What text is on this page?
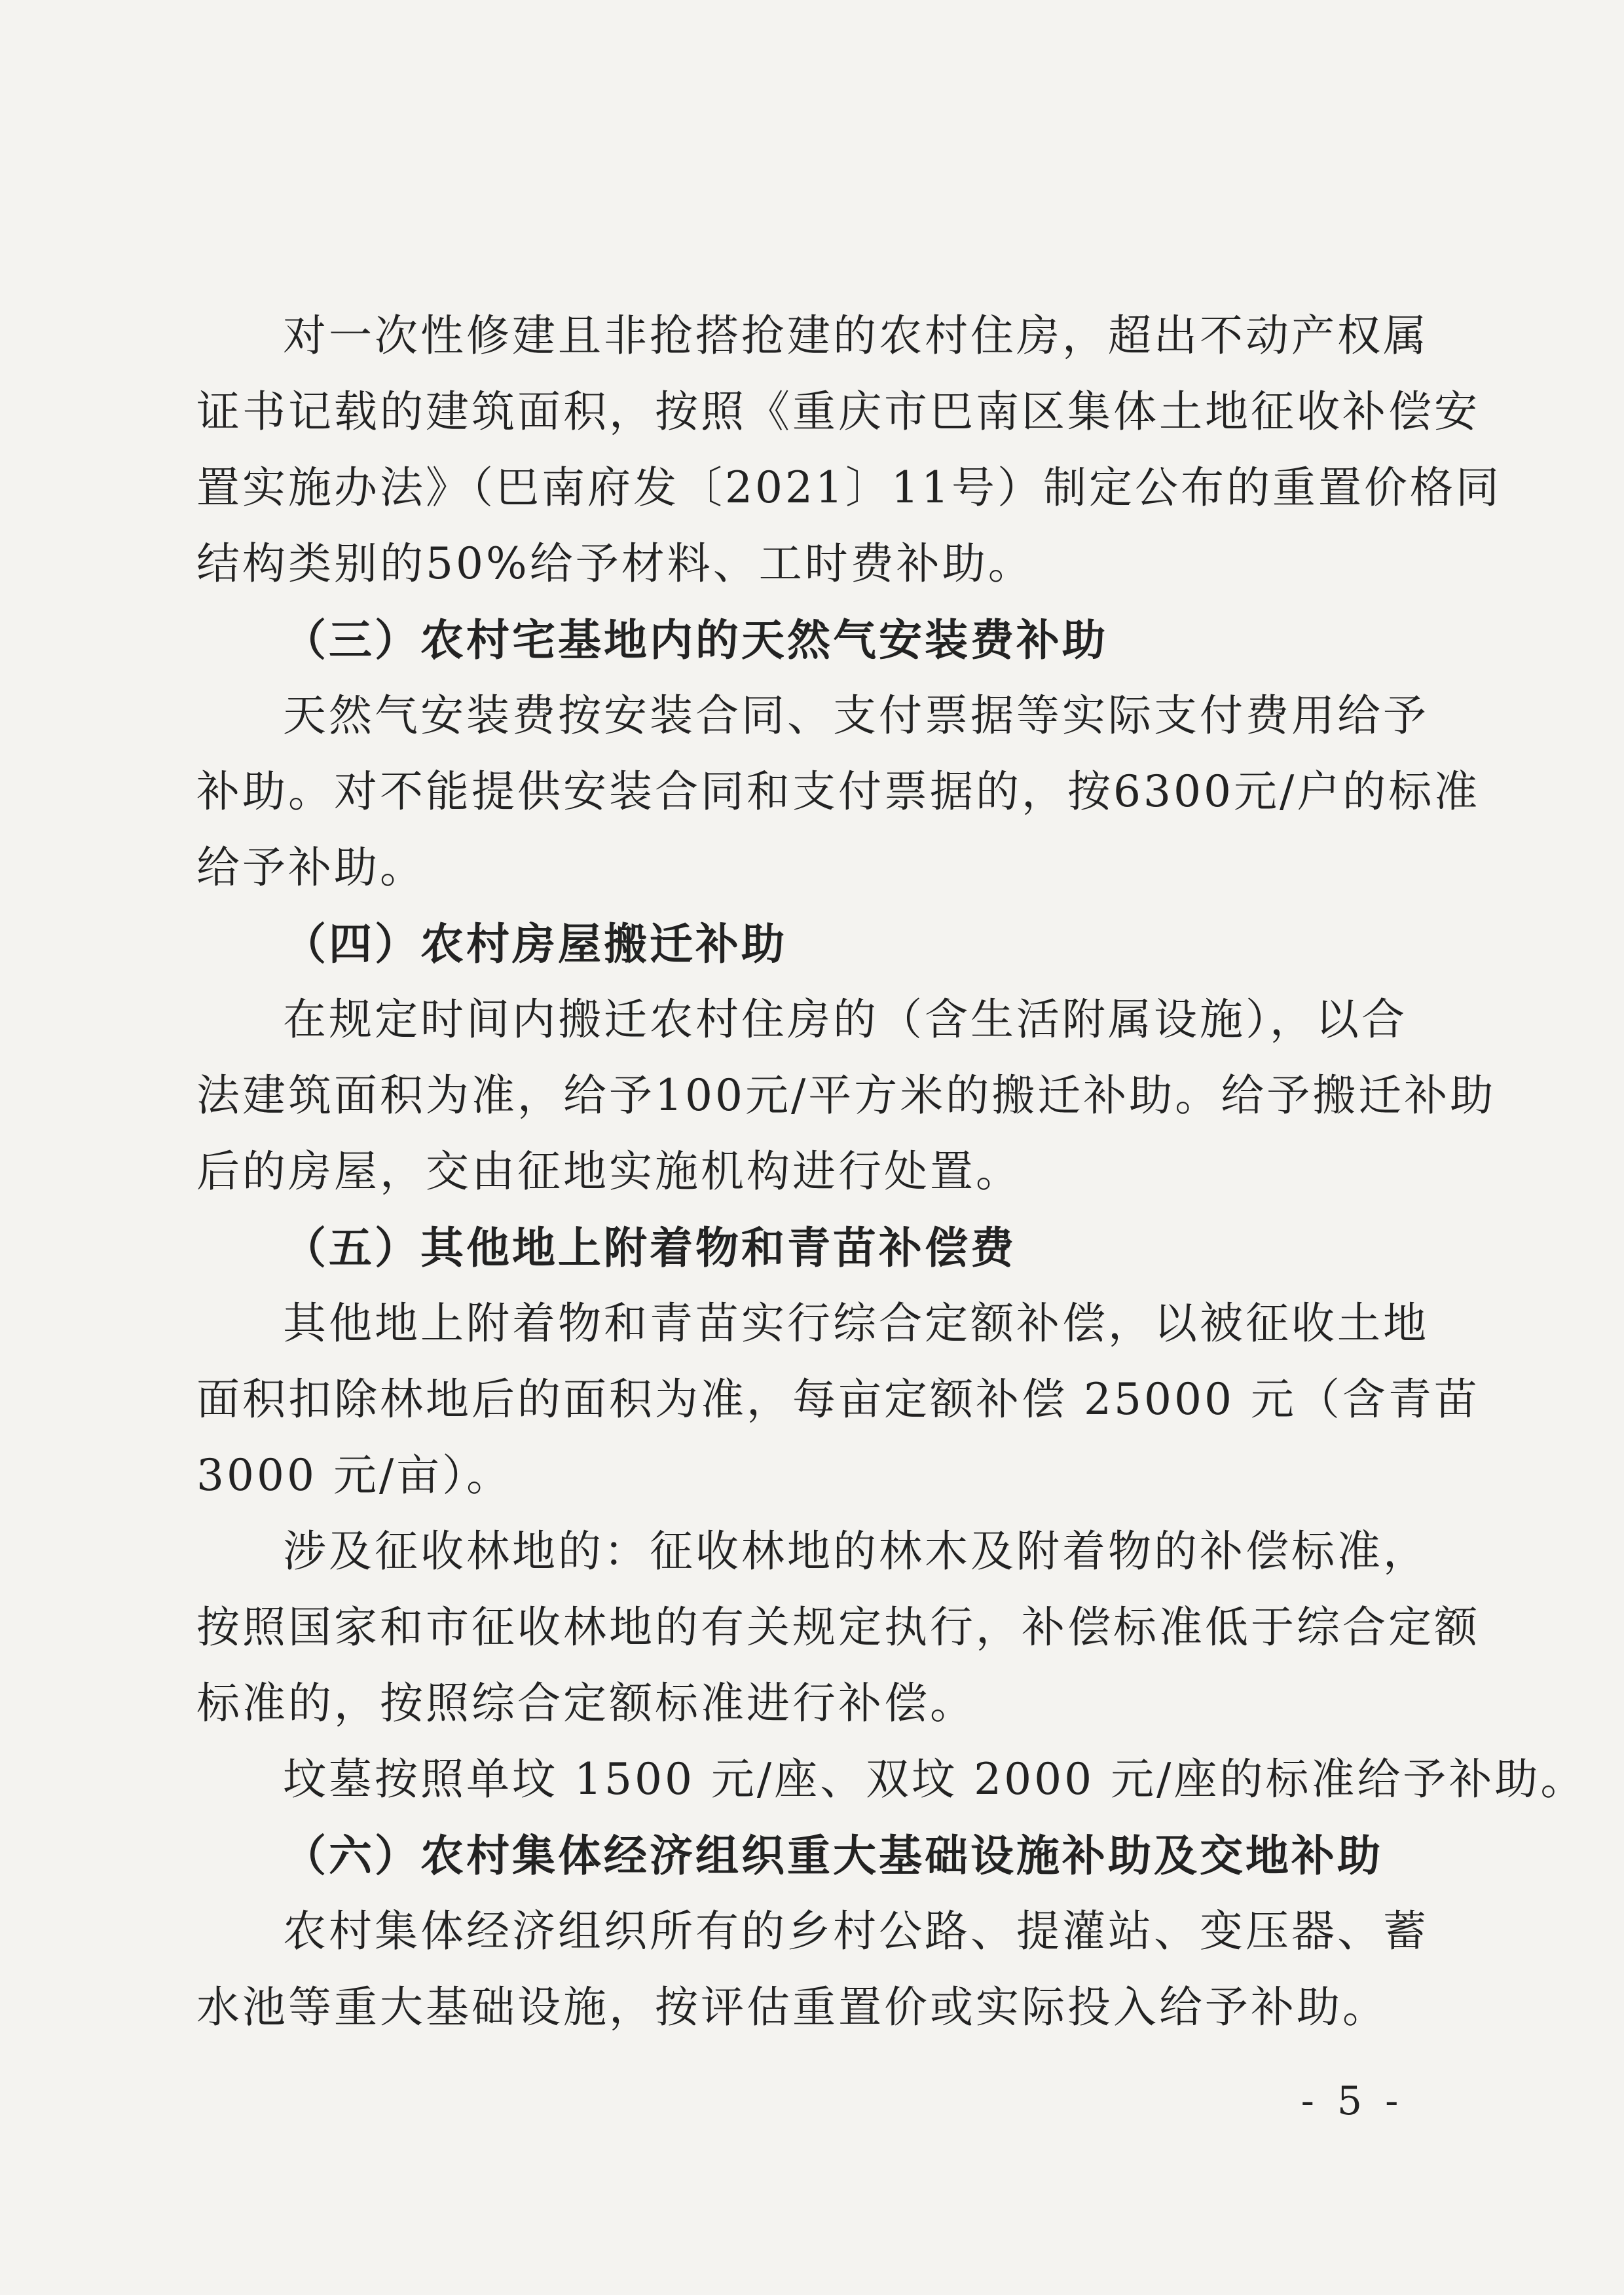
对一次性修建且非抢搭抢建的农村住房，超出不动产权属
证书记载的建筑面积，按照《重庆市巴南区集体土地征收补偿安
置实施办法》（巴南府发〔2021〕11号）制定公布的重置价格同
结构类别的50%给予材料、工时费补助。
（三）农村宅基地内的天然气安装费补助
天然气安装费按安装合同、支付票据等实际支付费用给予
补助。对不能提供安装合同和支付票据的，按6300元/户的标准
给予补助。
（四）农村房屋搬迁补助
在规定时间内搬迁农村住房的（含生活附属设施），以合
法建筑面积为准，给予100元/平方米的搬迁补助。给予搬迁补助
后的房屋，交由征地实施机构进行处置。
（五）其他地上附着物和青苗补偿费
其他地上附着物和青苗实行综合定额补偿，以被征收土地
面积扣除林地后的面积为准，每亩定额补偿 25000 元（含青苗
3000 元/亩）。
涉及征收林地的：征收林地的林木及附着物的补偿标准，
按照国家和市征收林地的有关规定执行，补偿标准低于综合定额
标准的，按照综合定额标准进行补偿。
坟墓按照单坟 1500 元/座、双坟 2000 元/座的标准给予补助。
（六）农村集体经济组织重大基础设施补助及交地补助
农村集体经济组织所有的乡村公路、提灌站、变压器、蓄
水池等重大基础设施，按评估重置价或实际投入给予补助。
- 5 -
